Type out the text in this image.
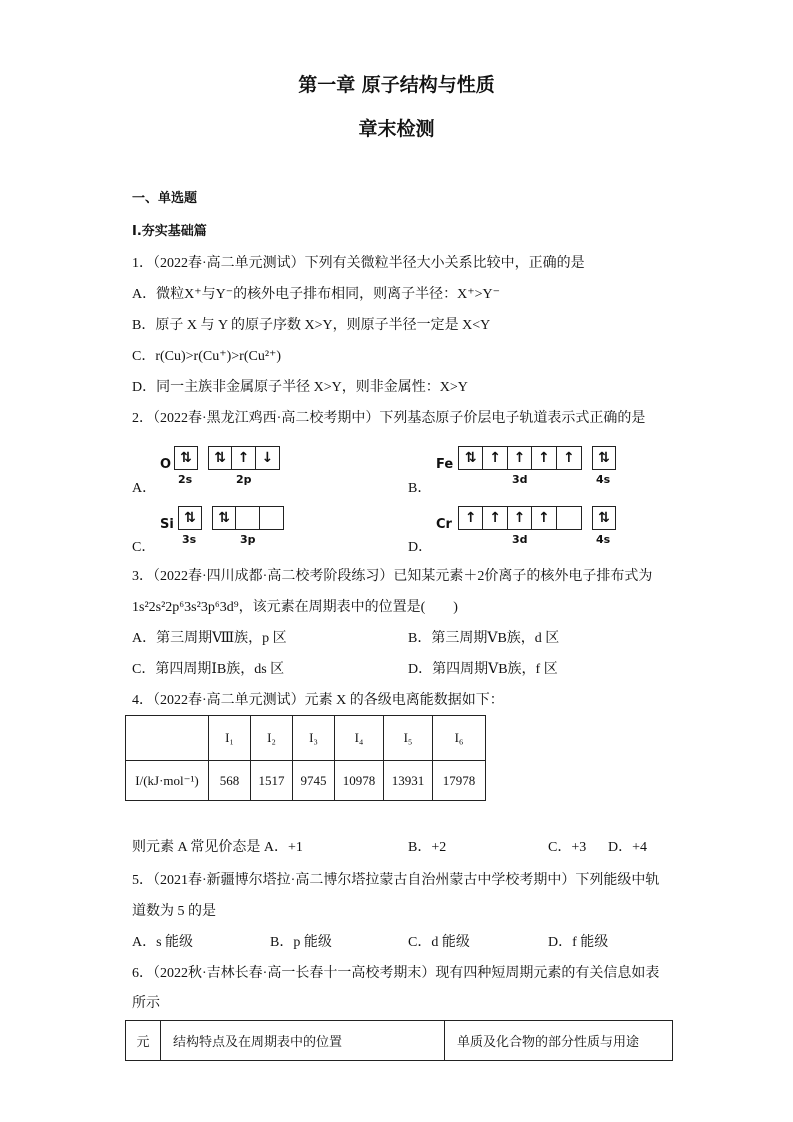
第一章 原子结构与性质
章末检测
一、单选题
Ⅰ.夯实基础篇
1．（2022春·高二单元测试）下列有关微粒半径大小关系比较中，正确的是
A．微粒X⁺与Y⁻的核外电子排布相同，则离子半径：X⁺>Y⁻
B．原子 X 与 Y 的原子序数 X>Y，则原子半径一定是 X<Y
C．r(Cu)>r(Cu⁺)>r(Cu²⁺)
D．同一主族非金属原子半径 X>Y，则非金属性：X>Y
2．（2022春·黑龙江鸡西·高二校考期中）下列基态原子价层电子轨道表示式正确的是
O ⇅
2s
⇅ ↑ ↓
2p
A．
Fe ⇅ ↑ ↑ ↑ ↑
3d
⇅
4s
B．
Si ⇅
3s
⇅
3p
C．
Cr ↑ ↑ ↑ ↑
3d
⇅
4s
D．
3．（2022春·四川成都·高二校考阶段练习）已知某元素＋2价离子的核外电子排布式为
1s²2s²2p⁶3s²3p⁶3d⁹，该元素在周期表中的位置是(　　)
A．第三周期Ⅷ族，p 区	B．第三周期ⅤB族，d 区
C．第四周期ⅠB族，ds 区	D．第四周期ⅤB族，f 区
4．（2022春·高二单元测试）元素 X 的各级电离能数据如下：
	I₁	I₂	I₃	I₄	I₅	I₆
I/(kJ·mol⁻¹)	568	1517	9745	10978	13931	17978
则元素 A 常见价态是 A．+1	B．+2	C．+3 D．+4
5．（2021春·新疆博尔塔拉·高二博尔塔拉蒙古自治州蒙古中学校考期中）下列能级中轨
道数为 5 的是
A．s 能级	B．p 能级	C．d 能级	D．f 能级
6．（2022秋·吉林长春·高一长春十一高校考期末）现有四种短周期元素的有关信息如表
所示
元	结构特点及在周期表中的位置	单质及化合物的部分性质与用途
